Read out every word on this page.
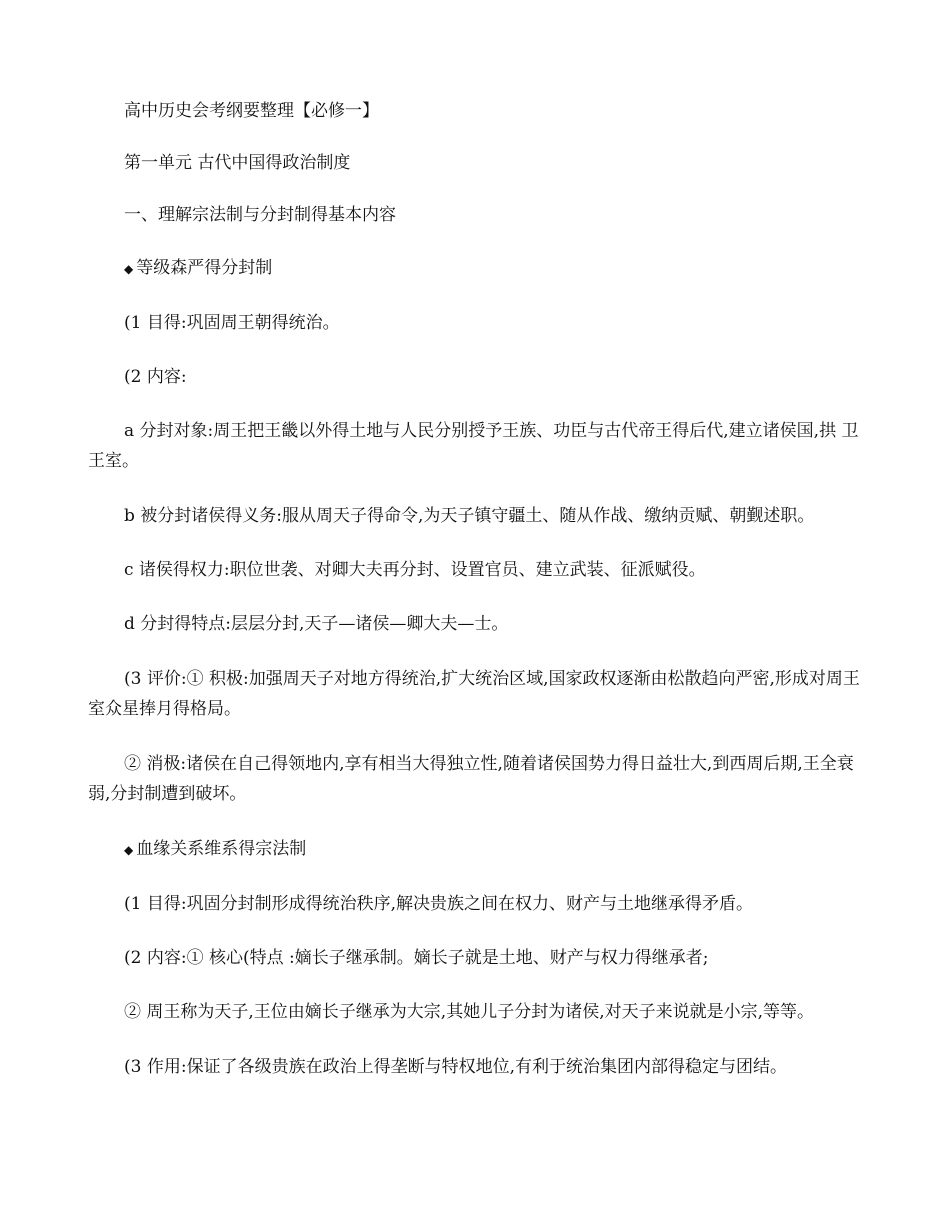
高中历史会考纲要整理【必修一】

第一单元 古代中国得政治制度

一、理解宗法制与分封制得基本内容

◆ 等级森严得分封制

(1 目得:巩固周王朝得统治。

(2 内容:

a 分封对象:周王把王畿以外得土地与人民分别授予王族、功臣与古代帝王得后代,建立诸侯国,拱 卫王室。

b 被分封诸侯得义务:服从周天子得命令,为天子镇守疆土、随从作战、缴纳贡赋、朝觐述职。

c 诸侯得权力:职位世袭、对卿大夫再分封、设置官员、建立武装、征派赋役。

d 分封得特点:层层分封,天子—诸侯—卿大夫—士。

(3 评价:① 积极:加强周天子对地方得统治,扩大统治区域,国家政权逐渐由松散趋向严密,形成对周王室众星捧月得格局。

② 消极:诸侯在自己得领地内,享有相当大得独立性,随着诸侯国势力得日益壮大,到西周后期,王全衰弱,分封制遭到破坏。

◆ 血缘关系维系得宗法制

(1 目得:巩固分封制形成得统治秩序,解决贵族之间在权力、财产与土地继承得矛盾。

(2 内容:① 核心(特点 :嫡长子继承制。嫡长子就是土地、财产与权力得继承者;

② 周王称为天子,王位由嫡长子继承为大宗,其她儿子分封为诸侯,对天子来说就是小宗,等等。

(3 作用:保证了各级贵族在政治上得垄断与特权地位,有利于统治集团内部得稳定与团结。
